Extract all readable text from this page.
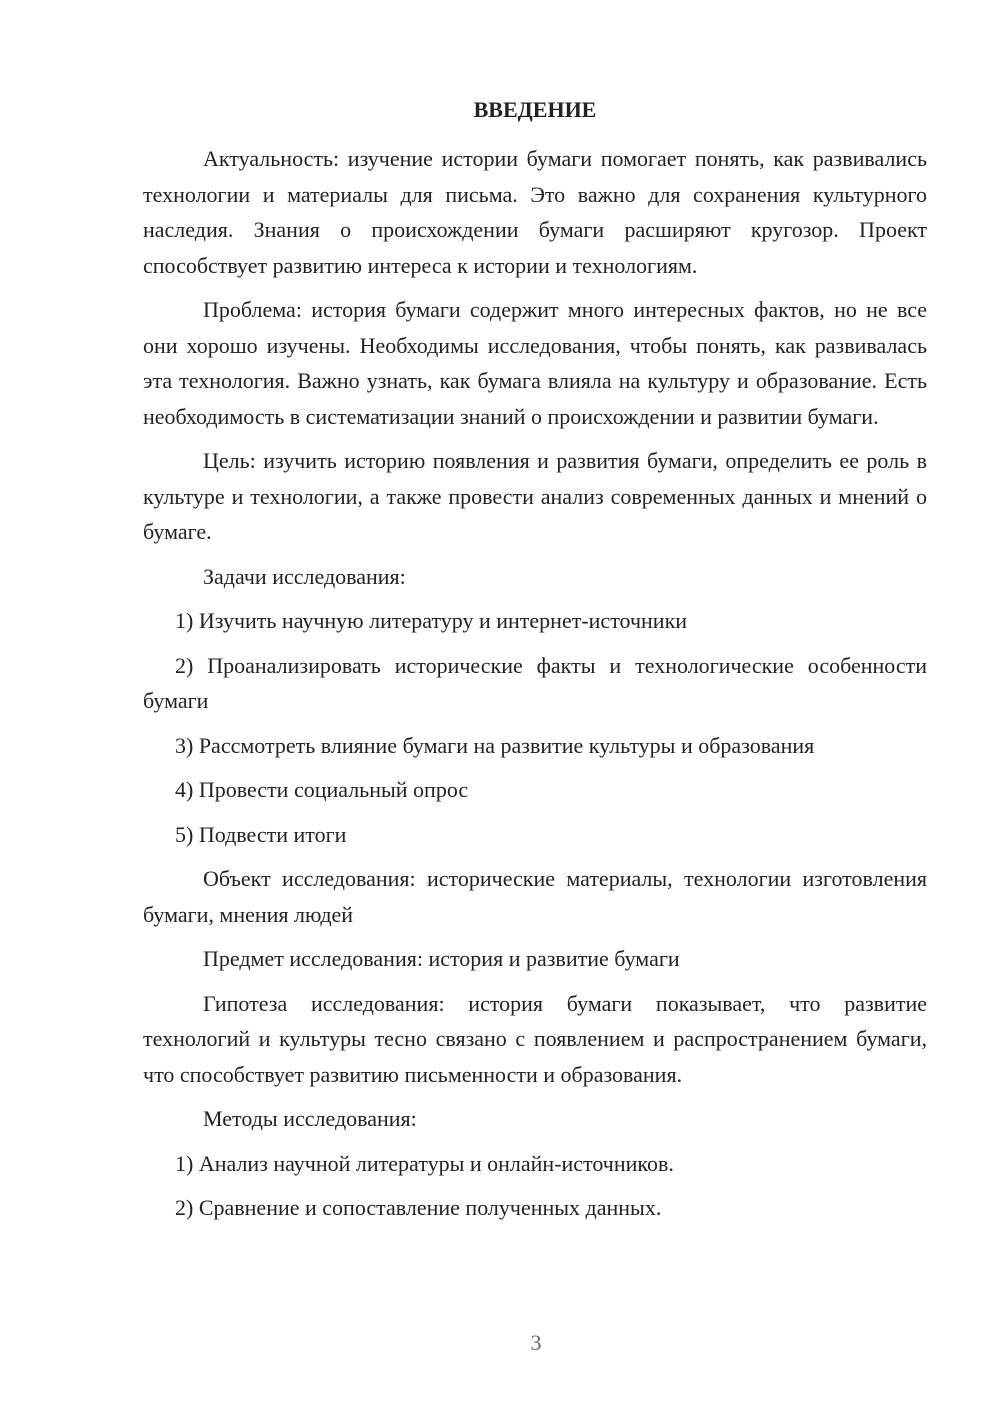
ВВЕДЕНИЕ

Актуальность: изучение истории бумаги помогает понять, как развивались технологии и материалы для письма. Это важно для сохранения культурного наследия. Знания о происхождении бумаги расширяют кругозор. Проект способствует развитию интереса к истории и технологиям.

Проблема: история бумаги содержит много интересных фактов, но не все они хорошо изучены. Необходимы исследования, чтобы понять, как развивалась эта технология. Важно узнать, как бумага влияла на культуру и образование. Есть необходимость в систематизации знаний о происхождении и развитии бумаги.

Цель: изучить историю появления и развития бумаги, определить ее роль в культуре и технологии, а также провести анализ современных данных и мнений о бумаге.

Задачи исследования:

1) Изучить научную литературу и интернет-источники

2) Проанализировать исторические факты и технологические особенности бумаги

3) Рассмотреть влияние бумаги на развитие культуры и образования

4) Провести социальный опрос

5) Подвести итоги

Объект исследования: исторические материалы, технологии изготовления бумаги, мнения людей

Предмет исследования: история и развитие бумаги

Гипотеза исследования: история бумаги показывает, что развитие технологий и культуры тесно связано с появлением и распространением бумаги, что способствует развитию письменности и образования.

Методы исследования:

1) Анализ научной литературы и онлайн-источников.

2) Сравнение и сопоставление полученных данных.

3
